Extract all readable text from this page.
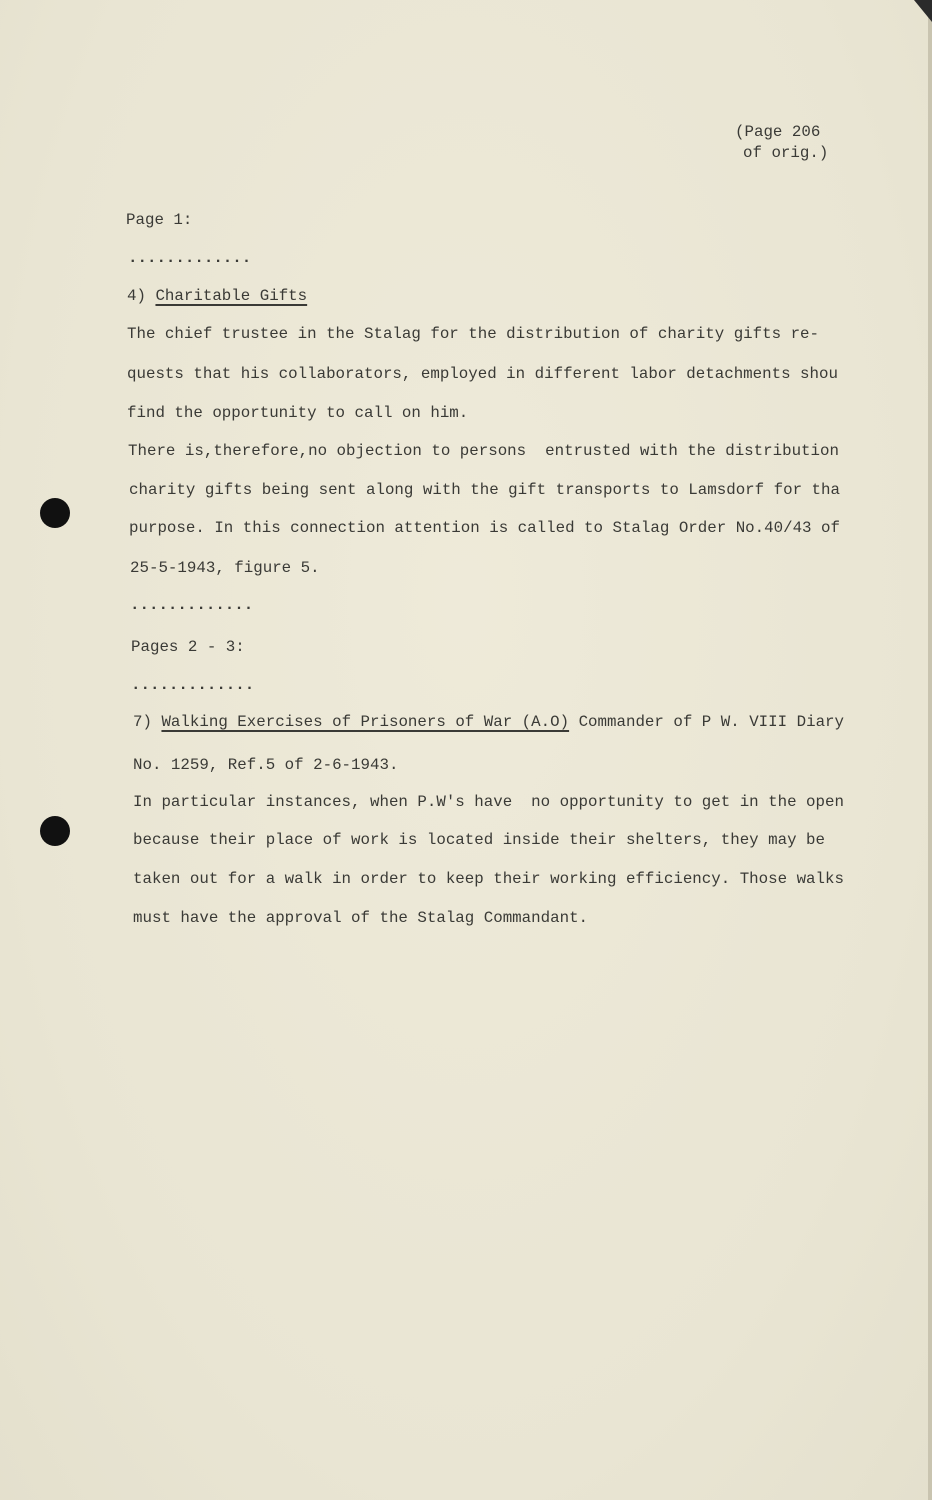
(Page 206
of orig.)
Page 1:
.............
4) Charitable Gifts
The chief trustee in the Stalag for the distribution of charity gifts re-
quests that his collaborators, employed in different labor detachments shou
find the opportunity to call on him.
There is,therefore,no objection to persons  entrusted with the distribution
charity gifts being sent along with the gift transports to Lamsdorf for tha
purpose. In this connection attention is called to Stalag Order No.40/43 of
25-5-1943, figure 5.
.............
Pages 2 - 3:
.............
7) Walking Exercises of Prisoners of War (A.O) Commander of P W. VIII Diary
No. 1259, Ref.5 of 2-6-1943.
In particular instances, when P.W's have  no opportunity to get in the open
because their place of work is located inside their shelters, they may be
taken out for a walk in order to keep their working efficiency. Those walks
must have the approval of the Stalag Commandant.
